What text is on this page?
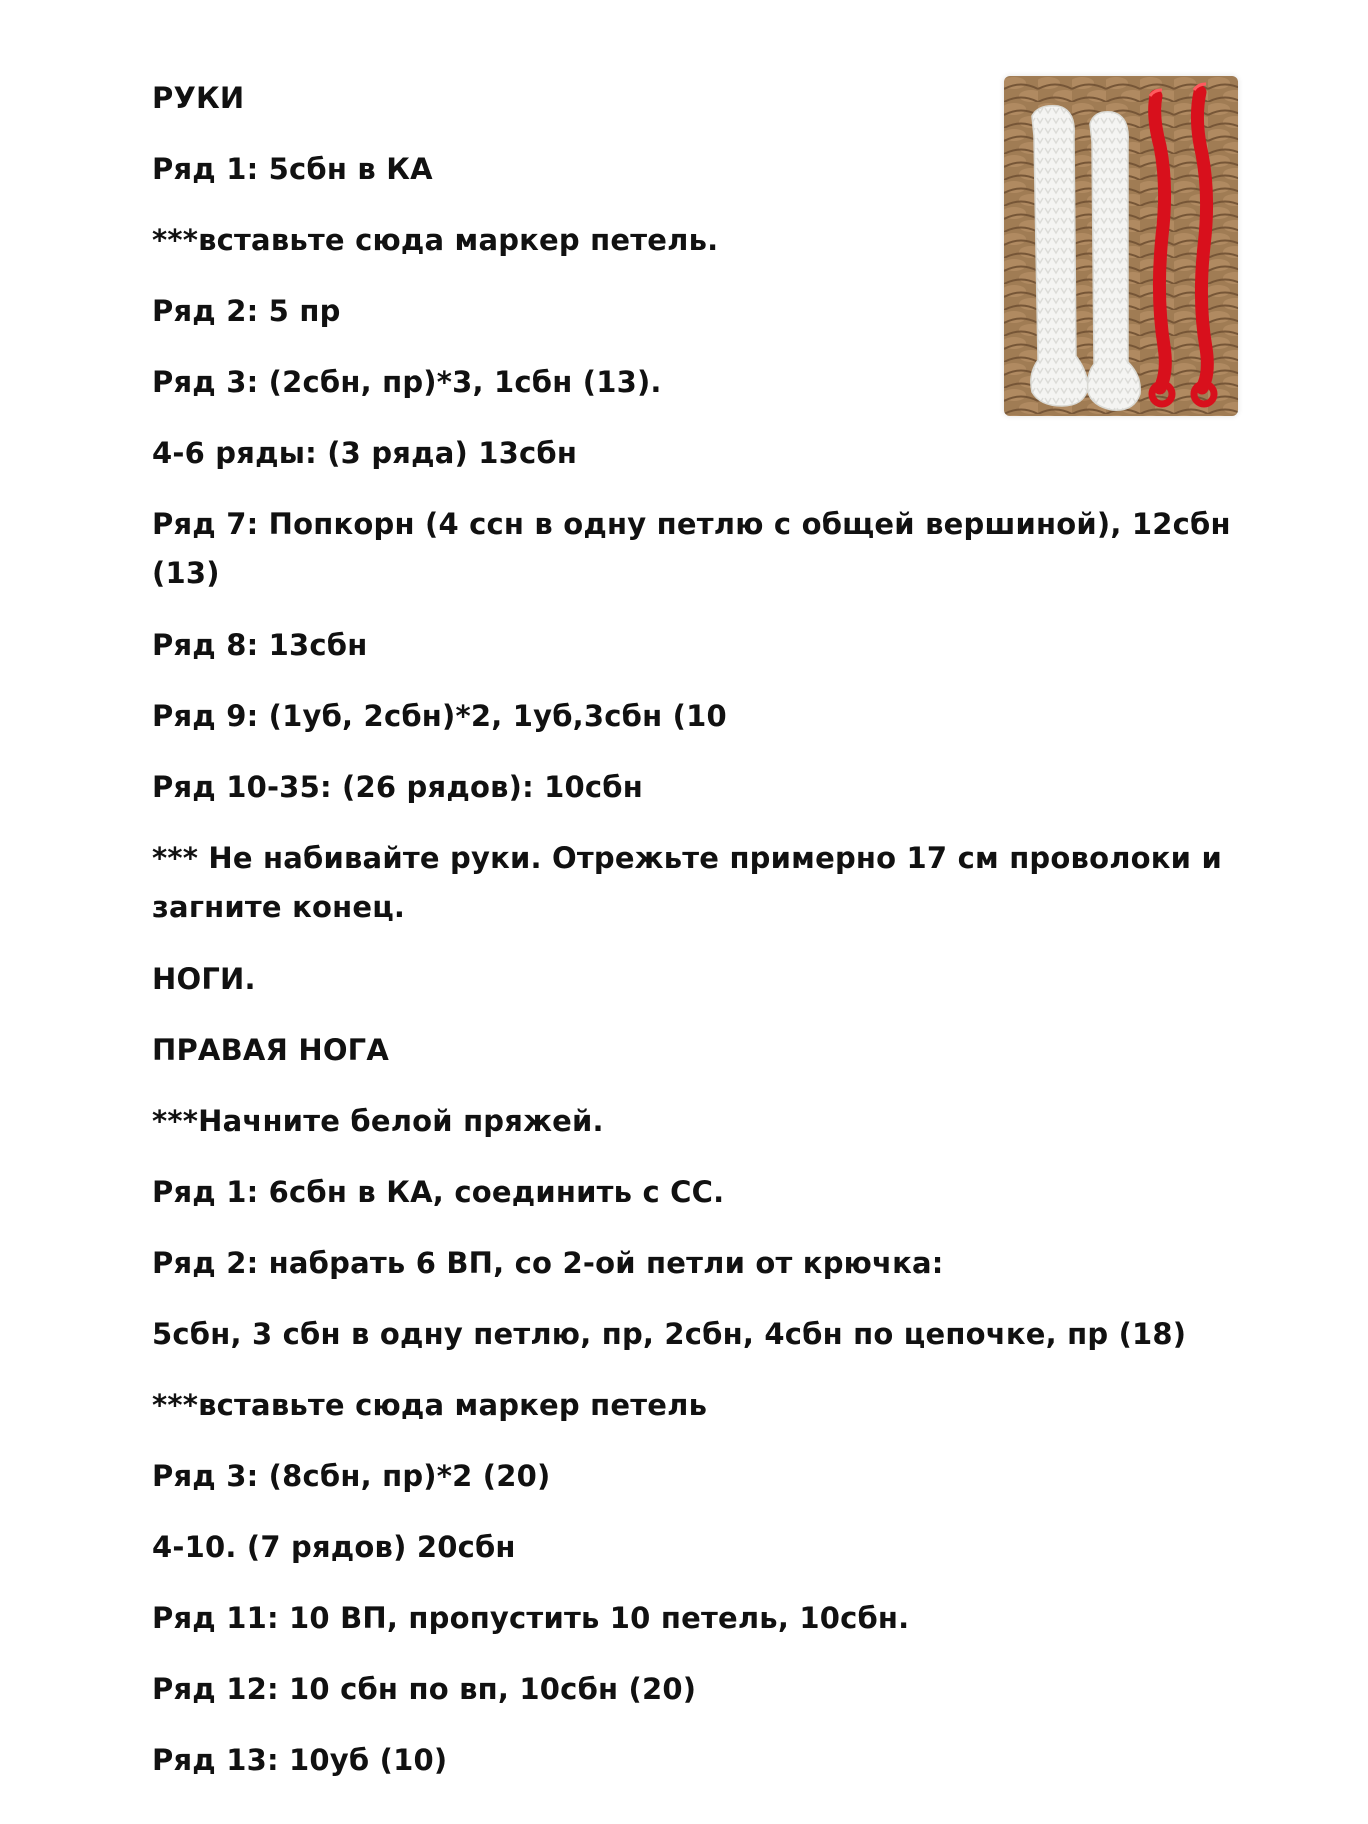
РУКИ
Ряд 1: 5сбн в КА
***вставьте сюда маркер петель.
Ряд 2: 5 пр
Ряд 3: (2сбн, пр)*3, 1сбн (13).
4-6 ряды: (3 ряда) 13сбн
Ряд 7: Попкорн (4 ссн в одну петлю с общей вершиной), 12сбн (13)
Ряд 8: 13сбн
Ряд 9: (1уб, 2сбн)*2, 1уб,3сбн (10
Ряд 10-35: (26 рядов): 10сбн
*** Не набивайте руки. Отрежьте примерно 17 см проволоки и загните конец.
НОГИ.
ПРАВАЯ НОГА
***Начните белой пряжей.
Ряд 1: 6сбн в КА, соединить с СС.
Ряд 2: набрать 6 ВП, со 2-ой петли от крючка:
5сбн, 3 сбн в одну петлю, пр, 2сбн, 4сбн по цепочке, пр (18)
***вставьте сюда маркер петель
Ряд 3: (8сбн, пр)*2 (20)
4-10. (7 рядов) 20сбн
Ряд 11: 10 ВП, пропустить 10 петель, 10сбн.
Ряд 12: 10 сбн по вп, 10сбн (20)
Ряд 13: 10уб (10)
